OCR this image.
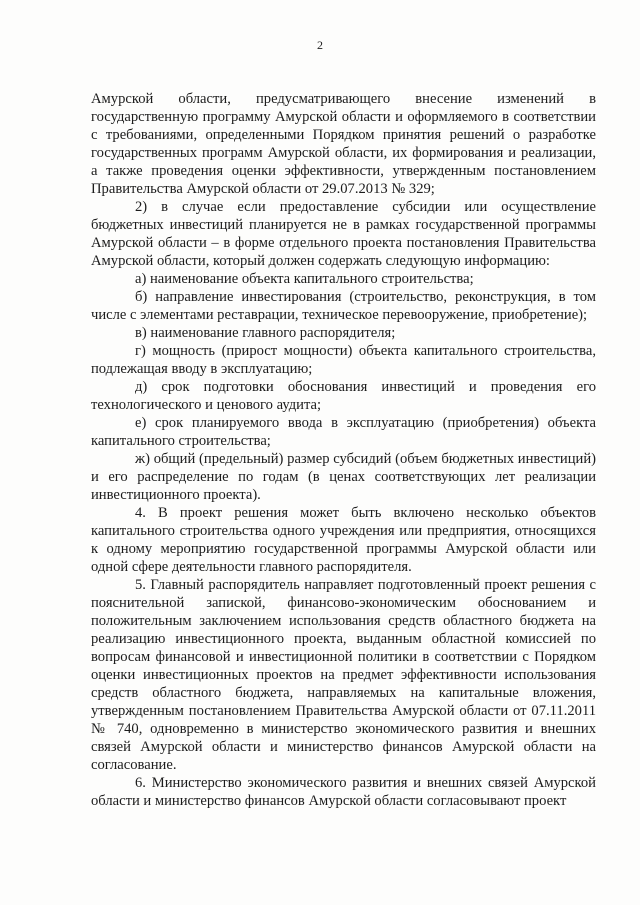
2

Амурской области, предусматривающего внесение изменений в государственную программу Амурской области и оформляемого в соответствии с требованиями, определенными Порядком принятия решений о разработке государственных программ Амурской области, их формирования и реализации, а также проведения оценки эффективности, утвержденным постановлением Правительства Амурской области от 29.07.2013 № 329;

2) в случае если предоставление субсидии или осуществление бюджетных инвестиций планируется не в рамках государственной программы Амурской области – в форме отдельного проекта постановления Правительства Амурской области, который должен содержать следующую информацию:

а) наименование объекта капитального строительства;

б) направление инвестирования (строительство, реконструкция, в том числе с элементами реставрации, техническое перевооружение, приобретение);

в) наименование главного распорядителя;

г) мощность (прирост мощности) объекта капитального строительства, подлежащая вводу в эксплуатацию;

д) срок подготовки обоснования инвестиций и проведения его технологического и ценового аудита;

е) срок планируемого ввода в эксплуатацию (приобретения) объекта капитального строительства;

ж) общий (предельный) размер субсидий (объем бюджетных инвестиций) и его распределение по годам (в ценах соответствующих лет реализации инвестиционного проекта).

4. В проект решения может быть включено несколько объектов капитального строительства одного учреждения или предприятия, относящихся к одному мероприятию государственной программы Амурской области или одной сфере деятельности главного распорядителя.

5. Главный распорядитель направляет подготовленный проект решения с пояснительной запиской, финансово-экономическим обоснованием и положительным заключением использования средств областного бюджета на реализацию инвестиционного проекта, выданным областной комиссией по вопросам финансовой и инвестиционной политики в соответствии с Порядком оценки инвестиционных проектов на предмет эффективности использования средств областного бюджета, направляемых на капитальные вложения, утвержденным постановлением Правительства Амурской области от 07.11.2011 № 740, одновременно в министерство экономического развития и внешних связей Амурской области и министерство финансов Амурской области на согласование.

6. Министерство экономического развития и внешних связей Амурской области и министерство финансов Амурской области согласовывают проект
